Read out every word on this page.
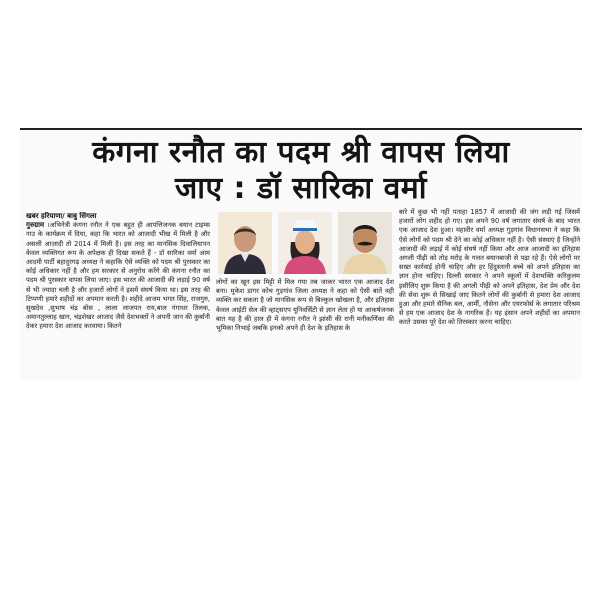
कंगना रनौत का पदम श्री वापस लिया
जाए : डॉ सारिका वर्मा

खबर हरियाणा/ बाबु सिंगला
गुरुग्राम ।अभिनेत्री कंगना रनौत ने एक बहुत ही आपत्तिजनक बयान टाइम्स नाउ के कार्यक्रम में दिया, कहा कि भारत को आजादी भीख में मिली है और असली आज़ादी तो 2014 में मिली है। इस तरह का मानसिक दिवालियापन केवल व्यक्तिगत रूप के अपेक्षक ही दिखा सकते हैं - डॉ सारिका वर्मा आम आदमी पार्टी बहादुरगढ़ अध्यक्ष ने कहाकि ऐसे व्यक्ति को पदम श्री पुरस्कार का कोई अधिकार नहीं है और हम सरकार से अनुरोध करेंगे की कंगना रनौत का पदम श्री पुरस्कार वापस लिया जाए। इस भारत की आजादी की लड़ाई 90 वर्ष से भी ज्यादा चली है और हजारों लोगों ने इसमें संघर्ष किया था। इस तरह की टिप्पणी हमारे शहीदों का अपमान करती है। शहीदे आजम भगत सिंह, राजगुरु, सुखदेव ,सुभाष चंद्र बोस , लाला लाजपत राय,बाल गंगाधर तिलक, अमानतुल्लाह खान, चंद्रशेखर आजाद जैसे देशभक्तों ने अपनी जान की कुर्बानी देकर हमारा देश आजाद करवाया। कितने

लोगों का खून इस मिट्टी में मिल गया तब जाकर भारत एक आजाद देश बना। मुकेश डागर कोच गुड़गांव जिला अध्यक्ष ने कहा को ऐसी बातें वही व्यक्ति कर सकता है जो मानसिक रूप से बिल्कुल खोखला है, और इतिहास केवल आईटी सेल की व्हाट्सएप यूनिवर्सिटी से ज्ञान लेता हो या आकर्षजनक बात यह है की हाल ही में कंगना रनौत ने झांसी की रानी मनीकर्णिका की भूमिका निभाई जबकि इनको अपने ही देश के इतिहास के

बारे में कुछ भी नहीं पताहा 1857 में आजादी की जंग लड़ी गई जिसमें हजारों लोग शहीद हो गए। इस अपने 90 वर्ष लगातार संघर्ष के बाद भारत एक आजाद देश हुआ। महावीर वर्मा अध्यक्ष गुड़गांव विधानसभा ने कहा कि ऐसे लोगों को पदम श्री देने का कोई अधिकार नहीं है। ऐसी संस्थाएं है जिन्होंने आजादी की लड़ाई में कोई संघर्ष नहीं किया और आज आजादी का इतिहास अगली पीढ़ी को तोड़ मरोड़ के गलत बयानबाजी से पढ़ा रहे हैं। ऐसे लोगों पर सख्त कार्रवाई होनी चाहिए और हर हिंदुस्तानी बच्चे को अपने इतिहास का ज्ञान होना चाहिए। दिल्ली सरकार ने अपने स्कूलों में देशभक्ति करिकुलम इसीलिए शुरू किया है की अगली पीढ़ी को अपने इतिहास, देश प्रेम और देश की सेवा शुरू से सिखाई जाए कितने लोगों की कुर्बानी से हमारा देश आजाद हुआ और हमारे सैनिक बल, आर्मी, नौसेना और एयरफोर्स के लगातार परिश्रम से हम एक आजाद देश के नागरिक हैं। यह इंसान अपने शहीदों का अपमान करते उसका पूरे देश को तिरस्कार करना चाहिए।
